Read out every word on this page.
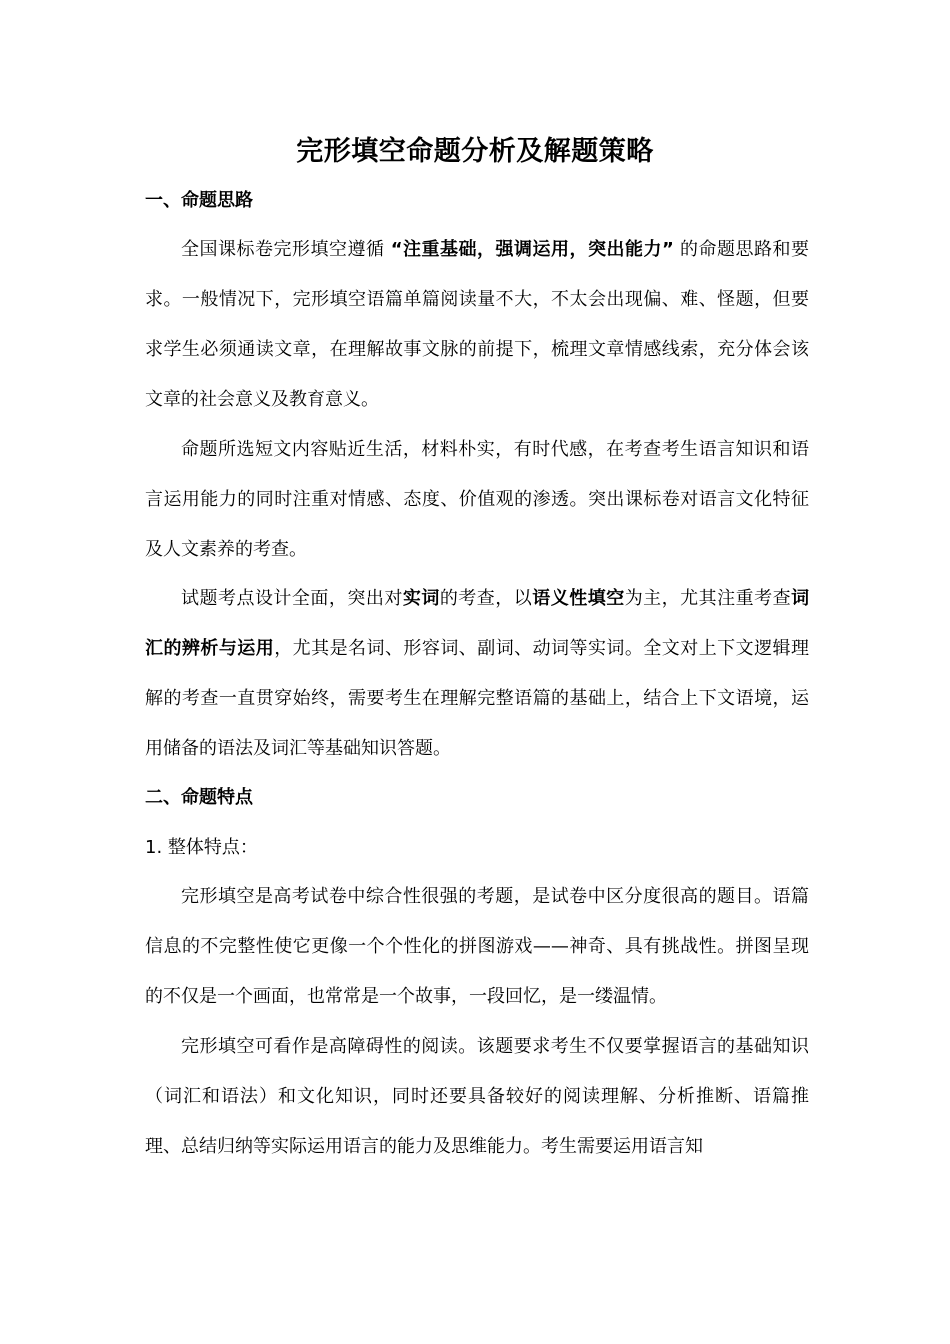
完形填空命题分析及解题策略
一、命题思路

全国课标卷完形填空遵循 “注重基础，强调运用，突出能力” 的命题思路和要求。一般情况下，完形填空语篇单篇阅读量不大，不太会出现偏、难、怪题，但要求学生必须通读文章，在理解故事文脉的前提下，梳理文章情感线索，充分体会该文章的社会意义及教育意义。

命题所选短文内容贴近生活，材料朴实，有时代感，在考查考生语言知识和语言运用能力的同时注重对情感、态度、价值观的渗透。突出课标卷对语言文化特征及人文素养的考查。

试题考点设计全面，突出对实词的考查，以语义性填空为主，尤其注重考查词汇的辨析与运用，尤其是名词、形容词、副词、动词等实词。全文对上下文逻辑理解的考查一直贯穿始终，需要考生在理解完整语篇的基础上，结合上下文语境，运用储备的语法及词汇等基础知识答题。

二、命题特点
1. 整体特点：

完形填空是高考试卷中综合性很强的考题，是试卷中区分度很高的题目。语篇信息的不完整性使它更像一个个性化的拼图游戏——神奇、具有挑战性。拼图呈现的不仅是一个画面，也常常是一个故事，一段回忆，是一缕温情。

完形填空可看作是高障碍性的阅读。该题要求考生不仅要掌握语言的基础知识（词汇和语法）和文化知识，同时还要具备较好的阅读理解、分析推断、语篇推理、总结归纳等实际运用语言的能力及思维能力。考生需要运用语言知
